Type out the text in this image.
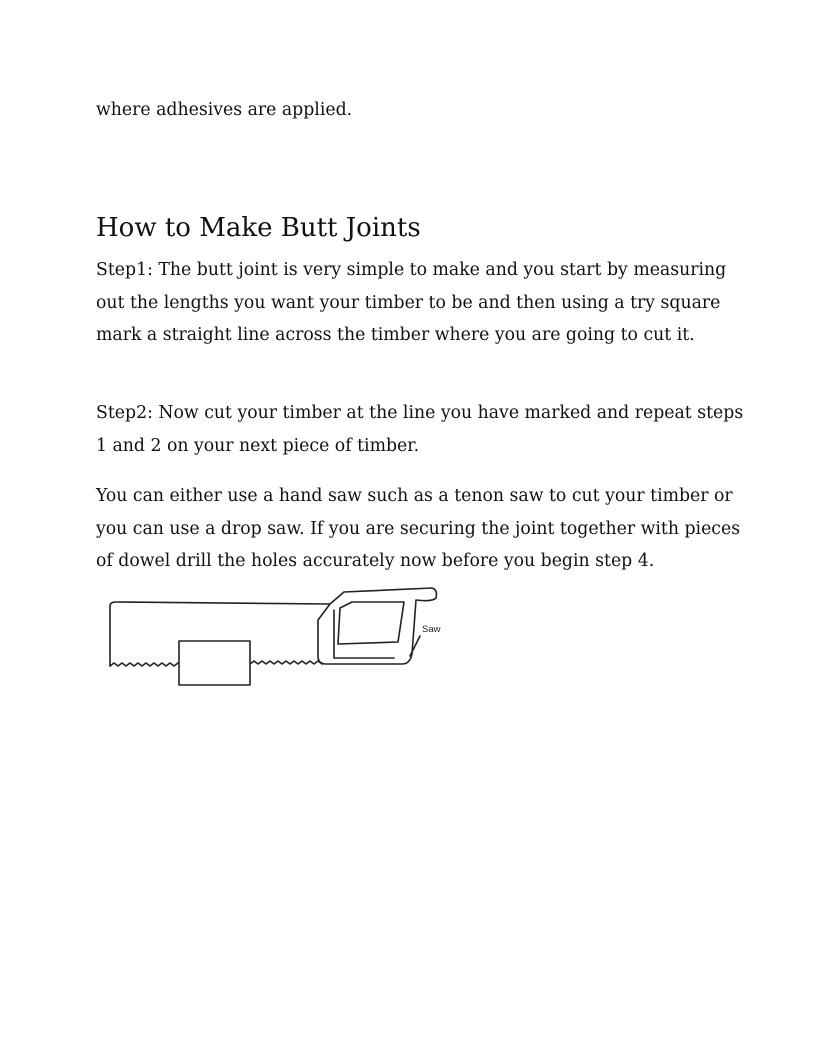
where adhesives are applied.

How to Make Butt Joints

Step1: The butt joint is very simple to make and you start by measuring out the lengths you want your timber to be and then using a try square mark a straight line across the timber where you are going to cut it.

Step2: Now cut your timber at the line you have marked and repeat steps 1 and 2 on your next piece of timber.

You can either use a hand saw such as a tenon saw to cut your timber or you can use a drop saw. If you are securing the joint together with pieces of dowel drill the holes accurately now before you begin step 4.

Saw
